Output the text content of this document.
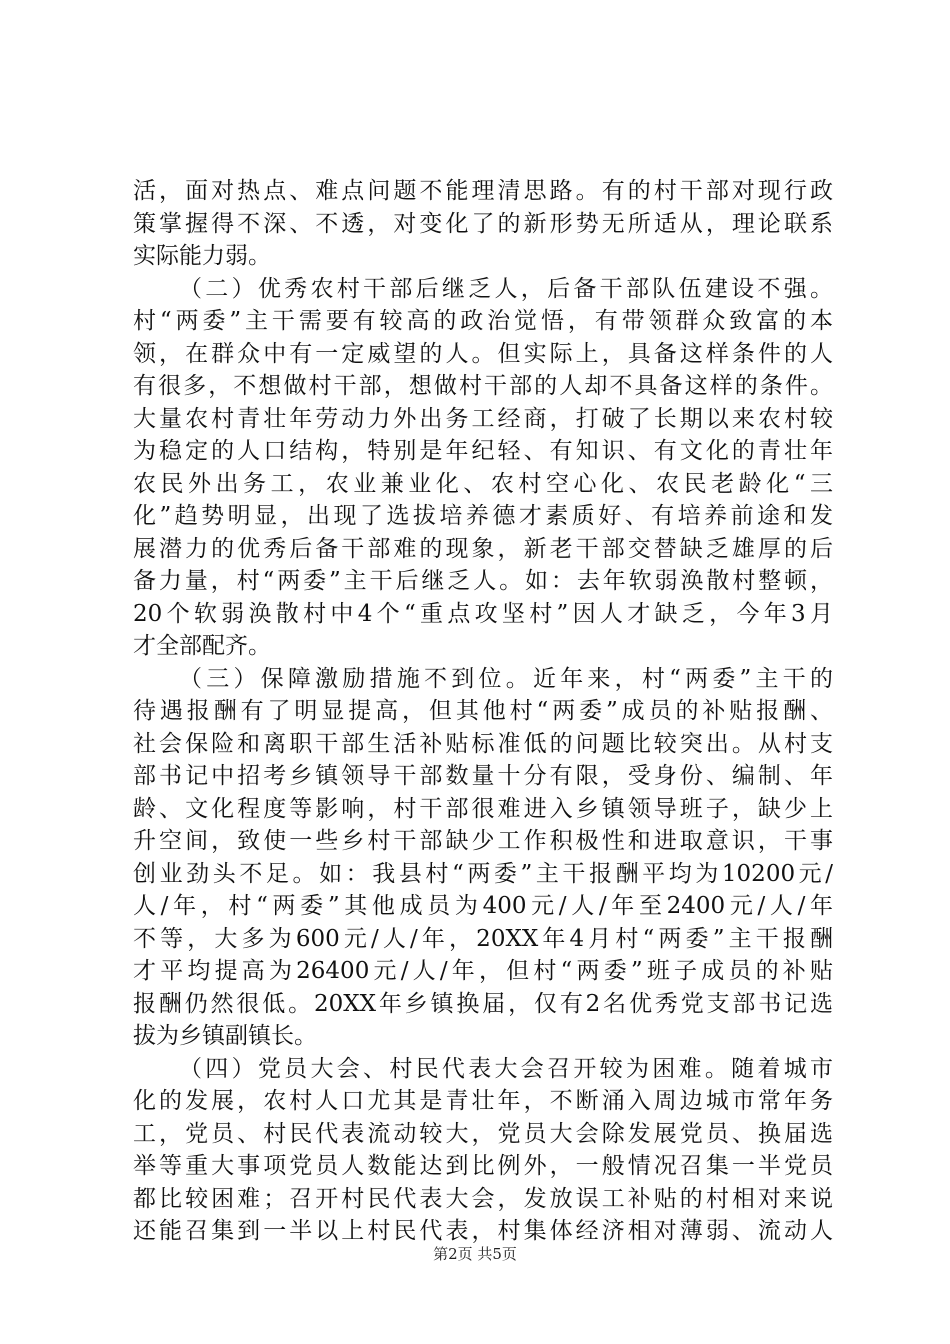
活，面对热点、难点问题不能理清思路。有的村干部对现行政
策掌握得不深、不透，对变化了的新形势无所适从，理论联系
实际能力弱。
（二）优秀农村干部后继乏人，后备干部队伍建设不强。
村“两委”主干需要有较高的政治觉悟，有带领群众致富的本
领，在群众中有一定威望的人。但实际上，具备这样条件的人
有很多，不想做村干部，想做村干部的人却不具备这样的条件。
大量农村青壮年劳动力外出务工经商，打破了长期以来农村较
为稳定的人口结构，特别是年纪轻、有知识、有文化的青壮年
农民外出务工，农业兼业化、农村空心化、农民老龄化“三
化”趋势明显，出现了选拔培养德才素质好、有培养前途和发
展潜力的优秀后备干部难的现象，新老干部交替缺乏雄厚的后
备力量，村“两委”主干后继乏人。如：去年软弱涣散村整顿，
20个软弱涣散村中4个“重点攻坚村”因人才缺乏，今年3月
才全部配齐。
（三）保障激励措施不到位。近年来，村“两委”主干的
待遇报酬有了明显提高，但其他村“两委”成员的补贴报酬、
社会保险和离职干部生活补贴标准低的问题比较突出。从村支
部书记中招考乡镇领导干部数量十分有限，受身份、编制、年
龄、文化程度等影响，村干部很难进入乡镇领导班子，缺少上
升空间，致使一些乡村干部缺少工作积极性和进取意识，干事
创业劲头不足。如：我县村“两委”主干报酬平均为10200元/
人/年，村“两委”其他成员为400元/人/年至2400元/人/年
不等，大多为600元/人/年，20XX年4月村“两委”主干报酬
才平均提高为26400元/人/年，但村“两委”班子成员的补贴
报酬仍然很低。20XX年乡镇换届，仅有2名优秀党支部书记选
拔为乡镇副镇长。
（四）党员大会、村民代表大会召开较为困难。随着城市
化的发展，农村人口尤其是青壮年，不断涌入周边城市常年务
工，党员、村民代表流动较大，党员大会除发展党员、换届选
举等重大事项党员人数能达到比例外，一般情况召集一半党员
都比较困难；召开村民代表大会，发放误工补贴的村相对来说
还能召集到一半以上村民代表，村集体经济相对薄弱、流动人
第2页 共5页
